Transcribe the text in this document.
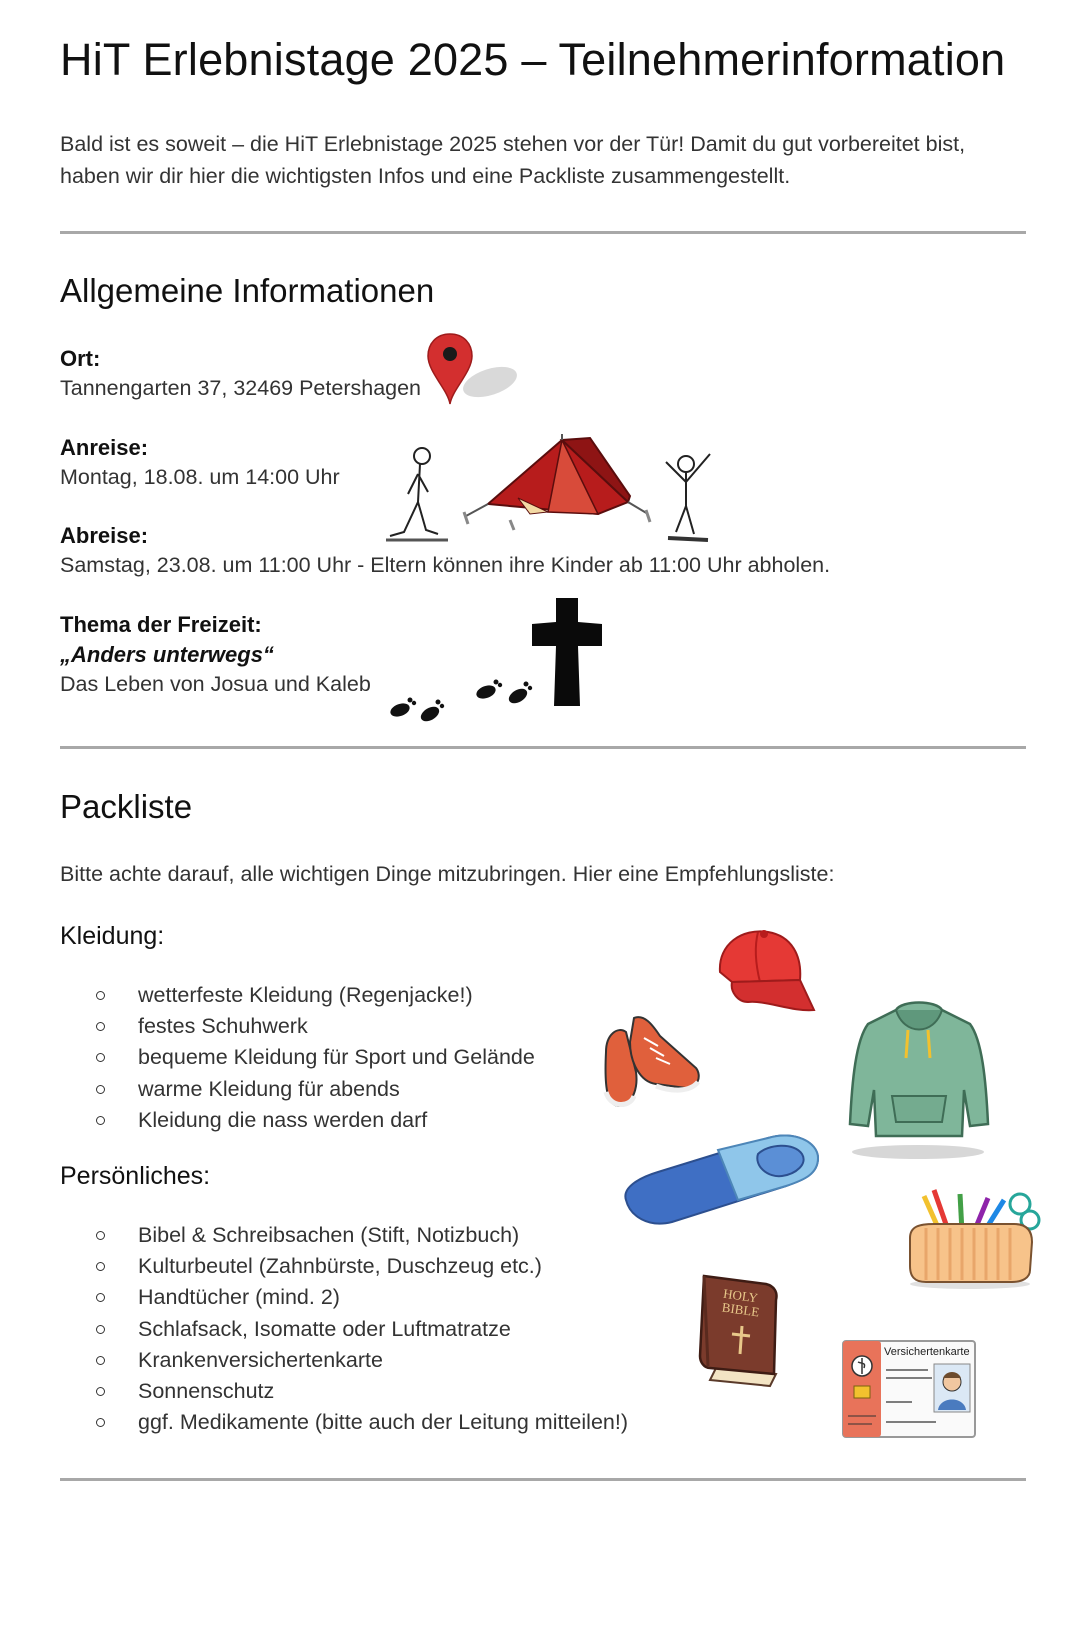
HiT Erlebnistage 2025 – Teilnehmerinformation

Bald ist es soweit – die HiT Erlebnistage 2025 stehen vor der Tür! Damit du gut vorbereitet bist, haben wir dir hier die wichtigsten Infos und eine Packliste zusammengestellt.

Allgemeine Informationen
Ort:
Tannengarten 37, 32469 Petershagen
Anreise:
Montag, 18.08. um 14:00 Uhr
Abreise:
Samstag, 23.08. um 11:00 Uhr - Eltern können ihre Kinder ab 11:00 Uhr abholen.
Thema der Freizeit:
„Anders unterwegs“
Das Leben von Josua und Kaleb
Packliste
Bitte achte darauf, alle wichtigen Dinge mitzubringen. Hier eine Empfehlungsliste:
Kleidung:
wetterfeste Kleidung (Regenjacke!)
festes Schuhwerk
bequeme Kleidung für Sport und Gelände
warme Kleidung für abends
Kleidung die nass werden darf
Persönliches:
Bibel & Schreibsachen (Stift, Notizbuch)
Kulturbeutel (Zahnbürste, Duschzeug etc.)
Handtücher (mind. 2)
Schlafsack, Isomatte oder Luftmatratze
Krankenversichertenkarte
Sonnenschutz
ggf. Medikamente (bitte auch der Leitung mitteilen!)
HOLY
BIBLE
Versichertenkarte
